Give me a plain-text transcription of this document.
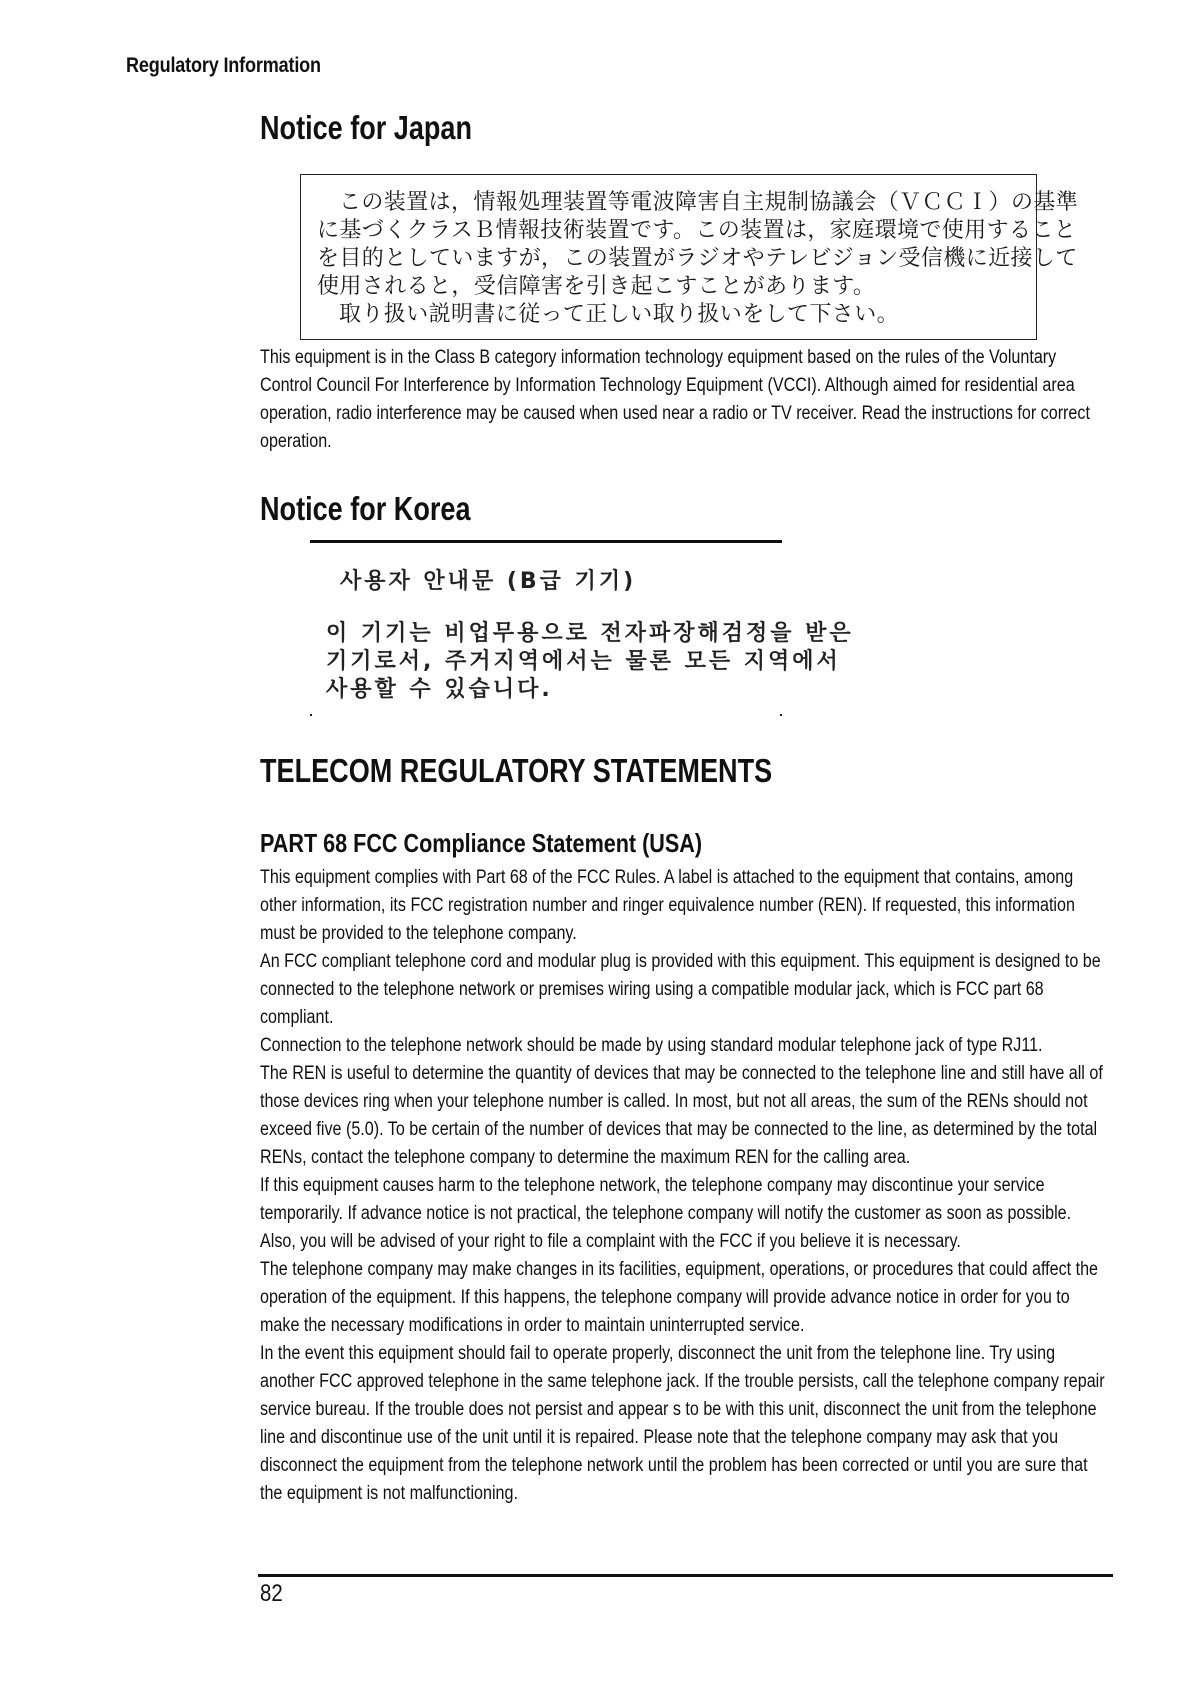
Regulatory Information
Notice for Japan
この装置は，情報処理装置等電波障害自主規制協議会（ＶＣＣＩ）の基準
に基づくクラスＢ情報技術装置です。この装置は，家庭環境で使用すること
を目的としていますが，この装置がラジオやテレビジョン受信機に近接して
使用されると，受信障害を引き起こすことがあります。
取り扱い説明書に従って正しい取り扱いをして下さい。

This equipment is in the Class B category information technology equipment based on the rules of the Voluntary Control Council For Interference by Information Technology Equipment (VCCI). Although aimed for residential area operation, radio interference may be caused when used near a radio or TV receiver. Read the instructions for correct operation.

Notice for Korea
사용자 안내문 (B급 기기)
이 기기는 비업무용으로 전자파장해검정을 받은
기기로서, 주거지역에서는 물론 모든 지역에서
사용할 수 있습니다.
TELECOM REGULATORY STATEMENTS
PART 68 FCC Compliance Statement (USA)

This equipment complies with Part 68 of the FCC Rules. A label is attached to the equipment that contains, among other information, its FCC registration number and ringer equivalence number (REN). If requested, this information must be provided to the telephone company.

An FCC compliant telephone cord and modular plug is provided with this equipment. This equipment is designed to be connected to the telephone network or premises wiring using a compatible modular jack, which is FCC part 68 compliant.

Connection to the telephone network should be made by using standard modular telephone jack of type RJ11.

The REN is useful to determine the quantity of devices that may be connected to the telephone line and still have all of those devices ring when your telephone number is called. In most, but not all areas, the sum of the RENs should not exceed five (5.0). To be certain of the number of devices that may be connected to the line, as determined by the total RENs, contact the telephone company to determine the maximum REN for the calling area.

If this equipment causes harm to the telephone network, the telephone company may discontinue your service temporarily. If advance notice is not practical, the telephone company will notify the customer as soon as possible. Also, you will be advised of your right to file a complaint with the FCC if you believe it is necessary.

The telephone company may make changes in its facilities, equipment, operations, or procedures that could affect the operation of the equipment. If this happens, the telephone company will provide advance notice in order for you to make the necessary modifications in order to maintain uninterrupted service.

In the event this equipment should fail to operate properly, disconnect the unit from the telephone line. Try using another FCC approved telephone in the same telephone jack. If the trouble persists, call the telephone company repair service bureau. If the trouble does not persist and appear s to be with this unit, disconnect the unit from the telephone line and discontinue use of the unit until it is repaired. Please note that the telephone company may ask that you disconnect the equipment from the telephone network until the problem has been corrected or until you are sure that the equipment is not malfunctioning.

82
